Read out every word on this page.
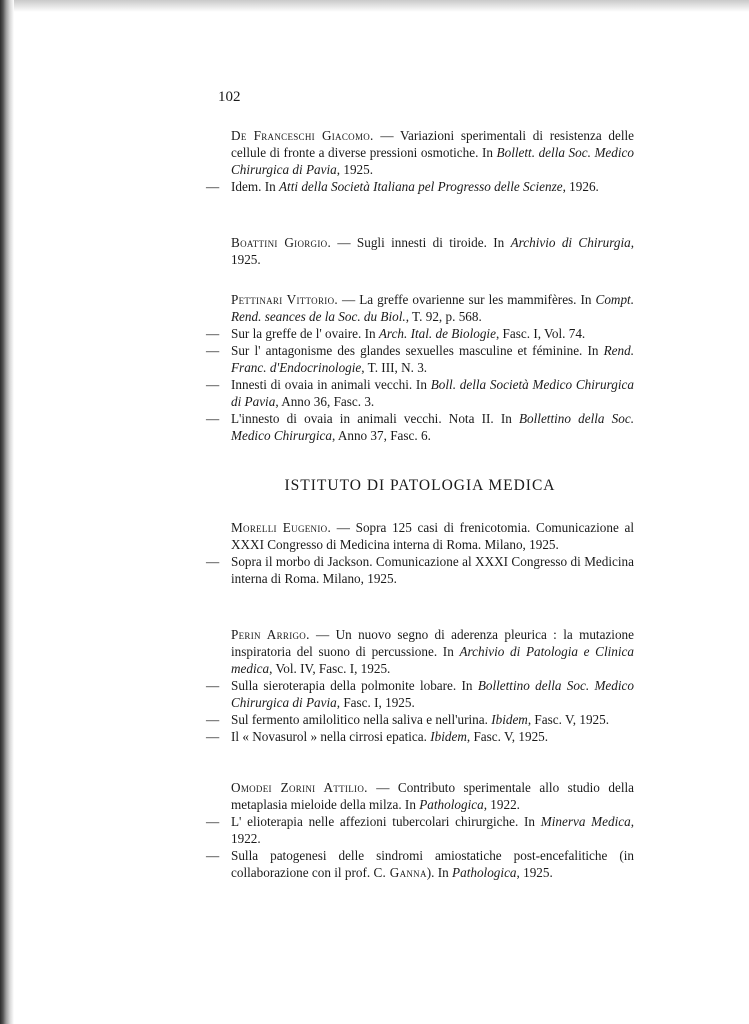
102

De Franceschi Giacomo. — Variazioni sperimentali di resistenza delle cellule di fronte a diverse pressioni osmotiche. In Bollett. della Soc. Medico Chirurgica di Pavia, 1925.

— Idem. In Atti della Società Italiana pel Progresso delle Scienze, 1926.

Boattini Giorgio. — Sugli innesti di tiroide. In Archivio di Chirurgia, 1925.

Pettinari Vittorio. — La greffe ovarienne sur les mammifères. In Compt. Rend. seances de la Soc. du Biol., T. 92, p. 568.

— Sur la greffe de l' ovaire. In Arch. Ital. de Biologie, Fasc. I, Vol. 74.

— Sur l' antagonisme des glandes sexuelles masculine et féminine. In Rend. Franc. d'Endocrinologie, T. III, N. 3.

— Innesti di ovaia in animali vecchi. In Boll. della Società Medico Chirurgica di Pavia, Anno 36, Fasc. 3.

— L'innesto di ovaia in animali vecchi. Nota II. In Bollettino della Soc. Medico Chirurgica, Anno 37, Fasc. 6.

ISTITUTO DI PATOLOGIA MEDICA

Morelli Eugenio. — Sopra 125 casi di frenicotomia. Comunicazione al XXXI Congresso di Medicina interna di Roma. Milano, 1925.

— Sopra il morbo di Jackson. Comunicazione al XXXI Congresso di Medicina interna di Roma. Milano, 1925.

Perin Arrigo. — Un nuovo segno di aderenza pleurica : la mutazione inspiratoria del suono di percussione. In Archivio di Patologia e Clinica medica, Vol. IV, Fasc. I, 1925.

— Sulla sieroterapia della polmonite lobare. In Bollettino della Soc. Medico Chirurgica di Pavia, Fasc. I, 1925.

— Sul fermento amilolitico nella saliva e nell'urina. Ibidem, Fasc. V, 1925.

— Il « Novasurol » nella cirrosi epatica. Ibidem, Fasc. V, 1925.

Omodei Zorini Attilio. — Contributo sperimentale allo studio della metaplasia mieloide della milza. In Pathologica, 1922.

— L' elioterapia nelle affezioni tubercolari chirurgiche. In Minerva Medica, 1922.

— Sulla patogenesi delle sindromi amiostatiche post-encefalitiche (in collaborazione con il prof. C. Ganna). In Pathologica, 1925.
